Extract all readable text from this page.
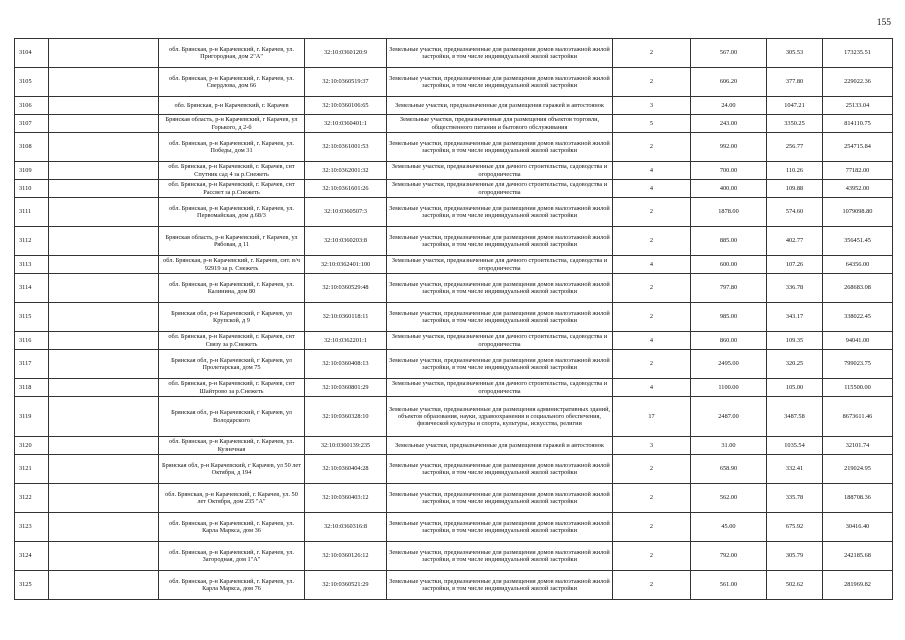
155
3104		обл. Брянская, р-н Карачевский, г. Карачев, ул. Пригородная, дом 2"А"	32:10:0360120:9	Земельные участки, предназначенные для размещения домов малоэтажной жилой застройки, в том числе индивидуальной жилой застройки	2	567.00	305.53	173235.51
3105		обл. Брянская, р-н Карачевский, г. Карачев, ул. Свердлова, дом 66	32:10:0360519:37	Земельные участки, предназначенные для размещения домов малоэтажной жилой застройки, в том числе индивидуальной жилой застройки	2	606.20	377.80	229022.36
3106		обл. Брянская, р-н Карачевский, г. Карачев	32:10:0360106:65	Земельные участки, предназначенные для размещения гаражей и автостоянок	3	24.00	1047.21	25133.04
3107		Брянская область, р-н Карачевский, г Карачев, ул Горького, д 2-б	32:10:0360401:1	Земельные участки, предназначенные для размещения объектов торговли, общественного питания и бытового обслуживания	5	243.00	3350.25	814110.75
3108		обл. Брянская, р-н Карачевский, г. Карачев, ул. Победы, дом 31	32:10:0361001:53	Земельные участки, предназначенные для размещения домов малоэтажной жилой застройки, в том числе индивидуальной жилой застройки	2	992.00	256.77	254715.84
3109		обл. Брянская, р-н Карачевский, г. Карачев, снт Спутник сад 4 за р.Снежеть	32:10:0362001:32	Земельные участки, предназначенные для дачного строительства, садоводства и огородничества	4	700.00	110.26	77182.00
3110		обл. Брянская, р-н Карачевский, г. Карачев, снт Рассвет за р.Снежеть	32:10:0361601:26	Земельные участки, предназначенные для дачного строительства, садоводства и огородничества	4	400.00	109.88	43952.00
3111		обл. Брянская, р-н Карачевский, г. Карачев, ул. Первомайская, дом д.68/3	32:10:0360507:3	Земельные участки, предназначенные для размещения домов малоэтажной жилой застройки, в том числе индивидуальной жилой застройки	2	1878.00	574.60	1079098.80
3112		Брянская область, р-н Карачевский, г Карачев, ул Рябовая, д 11	32:10:0360203:8	Земельные участки, предназначенные для размещения домов малоэтажной жилой застройки, в том числе индивидуальной жилой застройки	2	885.00	402.77	356451.45
3113		обл. Брянская, р-н Карачевский, г. Карачев, снт. в/ч 92919 за р. Снежеть	32:10:0362401:100	Земельные участки, предназначенные для дачного строительства, садоводства и огородничества	4	600.00	107.26	64356.00
3114		обл. Брянская, р-н Карачевский, г. Карачев, ул. Калинина, дом 80	32:10:0360529:48	Земельные участки, предназначенные для размещения домов малоэтажной жилой застройки, в том числе индивидуальной жилой застройки	2	797.80	336.78	268683.08
3115		Брянская обл, р-н Карачевский, г Карачев, ул Крупской, д 9	32:10:0360118:11	Земельные участки, предназначенные для размещения домов малоэтажной жилой застройки, в том числе индивидуальной жилой застройки	2	985.00	343.17	338022.45
3116		обл. Брянская, р-н Карачевский, г. Карачев, снт Связу за р.Снежеть	32:10:0362201:1	Земельные участки, предназначенные для дачного строительства, садоводства и огородничества	4	860.00	109.35	94041.00
3117		Брянская обл, р-н Карачевский, г Карачев, ул Пролетарская, дом 75	32:10:0360408:13	Земельные участки, предназначенные для размещения домов малоэтажной жилой застройки, в том числе индивидуальной жилой застройки	2	2495.00	320.25	799023.75
3118		обл. Брянская, р-н Карачевский, г. Карачев, снт Шайтрово за р.Снежеть	32:10:0360801:29	Земельные участки, предназначенные для дачного строительства, садоводства и огородничества	4	1100.00	105.00	115500.00
3119		Брянская обл, р-н Карачевский, г Карачев, ул Володарского	32:10:0360328:10	Земельные участки, предназначенные для размещения административных зданий, объектов образования, науки, здравоохранения и социального обеспечения, физической культуры и спорта, культуры, искусства, религии	17	2487.00	3487.58	8673611.46
3120		обл. Брянская, р-н Карачевский, г. Карачев, ул. Кузнечная	32:10:0360139:235	Земельные участки, предназначенные для размещения гаражей и автостоянок	3	31.00	1035.54	32101.74
3121		Брянская обл, р-н Карачевский, г Карачев, ул 50 лет Октября, д 194	32:10:0360404:28	Земельные участки, предназначенные для размещения домов малоэтажной жилой застройки, в том числе индивидуальной жилой застройки	2	658.90	332.41	219024.95
3122		обл. Брянская, р-н Карачевский, г. Карачев, ул. 50 лет Октября, дом 235 "А"	32:10:0360403:12	Земельные участки, предназначенные для размещения домов малоэтажной жилой застройки, в том числе индивидуальной жилой застройки	2	562.00	335.78	188708.36
3123		обл. Брянская, р-н Карачевский, г. Карачев, ул. Карла Маркса, дом 36	32:10:0360316:8	Земельные участки, предназначенные для размещения домов малоэтажной жилой застройки, в том числе индивидуальной жилой застройки	2	45.00	675.92	30416.40
3124		обл. Брянская, р-н Карачевский, г. Карачев, ул. Загородная, дом 1"А"	32:10:0360126:12	Земельные участки, предназначенные для размещения домов малоэтажной жилой застройки, в том числе индивидуальной жилой застройки	2	792.00	305.79	242185.68
3125		обл. Брянская, р-н Карачевский, г. Карачев, ул. Карла Маркса, дом 76	32:10:0360521:29	Земельные участки, предназначенные для размещения домов малоэтажной жилой застройки, в том числе индивидуальной жилой застройки	2	561.00	502.62	281969.82
